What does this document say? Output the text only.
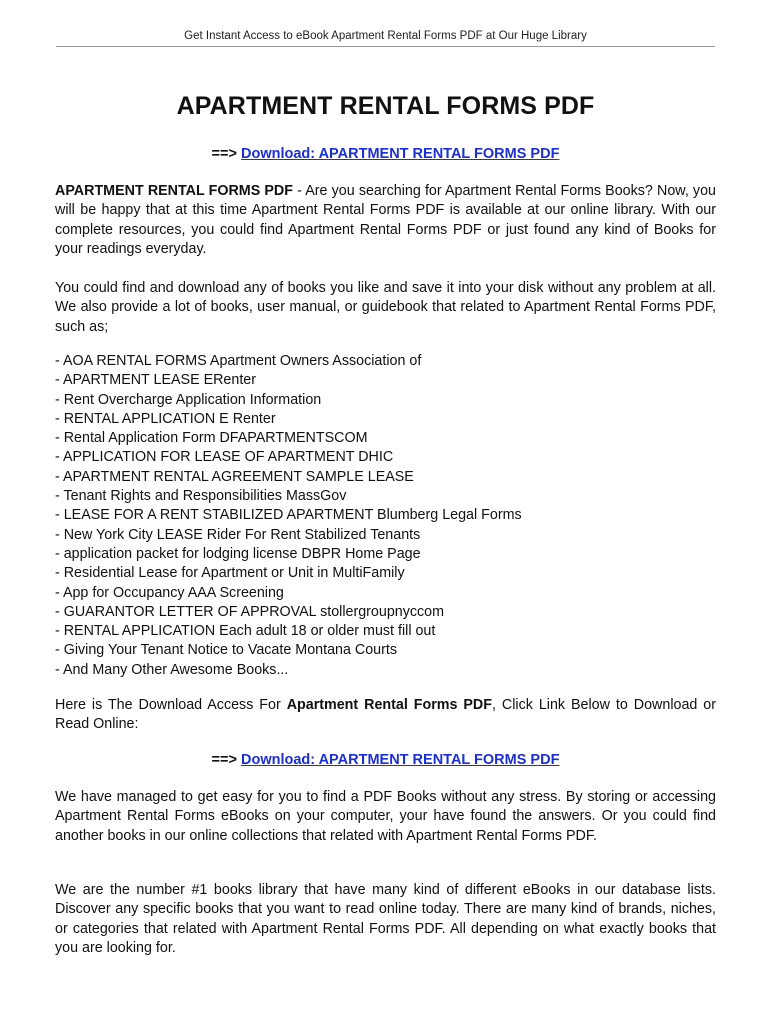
Get Instant Access to eBook Apartment Rental Forms PDF at Our Huge Library
APARTMENT RENTAL FORMS PDF
==> Download: APARTMENT RENTAL FORMS PDF

APARTMENT RENTAL FORMS PDF - Are you searching for Apartment Rental Forms Books? Now, you will be happy that at this time Apartment Rental Forms PDF is available at our online library. With our complete resources, you could find Apartment Rental Forms PDF or just found any kind of Books for your readings everyday.

You could find and download any of books you like and save it into your disk without any problem at all. We also provide a lot of books, user manual, or guidebook that related to Apartment Rental Forms PDF, such as;

- AOA RENTAL FORMS Apartment Owners Association of
- APARTMENT LEASE ERenter
- Rent Overcharge Application Information
- RENTAL APPLICATION E Renter
- Rental Application Form DFAPARTMENTSCOM
- APPLICATION FOR LEASE OF APARTMENT DHIC
- APARTMENT RENTAL AGREEMENT SAMPLE LEASE
- Tenant Rights and Responsibilities MassGov
- LEASE FOR A RENT STABILIZED APARTMENT Blumberg Legal Forms
- New York City LEASE Rider For Rent Stabilized Tenants
- application packet for lodging license DBPR Home Page
- Residential Lease for Apartment or Unit in MultiFamily
- App for Occupancy AAA Screening
- GUARANTOR LETTER OF APPROVAL stollergroupnyccom
- RENTAL APPLICATION Each adult 18 or older must fill out
- Giving Your Tenant Notice to Vacate Montana Courts
- And Many Other Awesome Books...

Here is The Download Access For Apartment Rental Forms PDF, Click Link Below to Download or Read Online:

==> Download: APARTMENT RENTAL FORMS PDF

We have managed to get easy for you to find a PDF Books without any stress. By storing or accessing Apartment Rental Forms eBooks on your computer, your have found the answers. Or you could find another books in our online collections that related with Apartment Rental Forms PDF.

We are the number #1 books library that have many kind of different eBooks in our database lists. Discover any specific books that you want to read online today. There are many kind of brands, niches, or categories that related with Apartment Rental Forms PDF. All depending on what exactly books that you are looking for.
